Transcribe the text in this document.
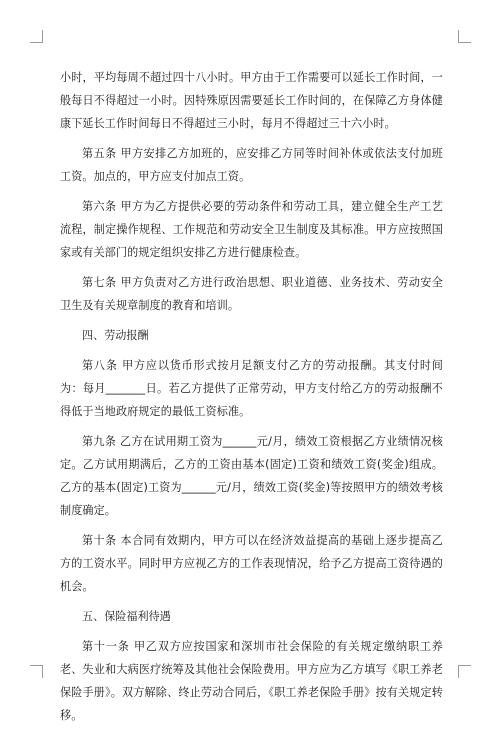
小时，平均每周不超过四十八小时。甲方由于工作需要可以延长工作时间，一般每日不得超过一小时。因特殊原因需要延长工作时间的，在保障乙方身体健康下延长工作时间每日不得超过三小时，每月不得超过三十六小时。

第五条 甲方安排乙方加班的，应安排乙方同等时间补休或依法支付加班工资。加点的，甲方应支付加点工资。

第六条 甲方为乙方提供必要的劳动条件和劳动工具，建立健全生产工艺流程，制定操作规程、工作规范和劳动安全卫生制度及其标准。甲方应按照国家或有关部门的规定组织安排乙方进行健康检查。

第七条 甲方负责对乙方进行政治思想、职业道德、业务技术、劳动安全卫生及有关规章制度的教育和培训。

四、劳动报酬

第八条 甲方应以货币形式按月足额支付乙方的劳动报酬。其支付时间为：每月_______日。若乙方提供了正常劳动，甲方支付给乙方的劳动报酬不得低于当地政府规定的最低工资标准。

第九条 乙方在试用期工资为______元/月，绩效工资根据乙方业绩情况核定。乙方试用期满后，乙方的工资由基本(固定)工资和绩效工资(奖金)组成。乙方的基本(固定)工资为______元/月，绩效工资(奖金)等按照甲方的绩效考核制度确定。

第十条 本合同有效期内，甲方可以在经济效益提高的基础上逐步提高乙方的工资水平。同时甲方应视乙方的工作表现情况，给予乙方提高工资待遇的机会。

五、保险福利待遇

第十一条 甲乙双方应按国家和深圳市社会保险的有关规定缴纳职工养老、失业和大病医疗统筹及其他社会保险费用。甲方应为乙方填写《职工养老保险手册》。双方解除、终止劳动合同后，《职工养老保险手册》按有关规定转移。
